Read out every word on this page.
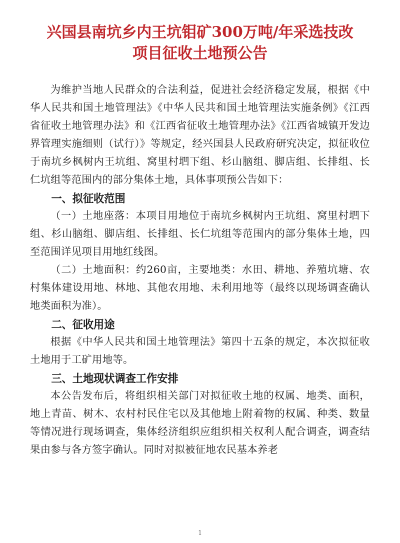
兴国县南坑乡内王坑钼矿300万吨/年采选技改
项目征收土地预公告

为维护当地人民群众的合法利益，促进社会经济稳定发展，根据《中华人民共和国土地管理法》《中华人民共和国土地管理法实施条例》《江西省征收土地管理办法》和《江西省征收土地管理办法》《江西省城镇开发边界管理实施细则（试行）》等规定，经兴国县人民政府研究决定，拟征收位于南坑乡枫树内王坑组、窝里村垇下组、杉山脑组、脚店组、长排组、长仁坑组等范围内的部分集体土地，具体事项预公告如下：

一、拟征收范围

（一）土地座落：本项目用地位于南坑乡枫树内王坑组、窝里村垇下组、杉山脑组、脚店组、长排组、长仁坑组等范围内的部分集体土地，四至范围详见项目用地红线图。

（二）土地面积：约260亩，主要地类：水田、耕地、养殖坑塘、农村集体建设用地、林地、其他农用地、未利用地等（最终以现场调查确认地类面积为准）。

二、征收用途

根据《中华人民共和国土地管理法》第四十五条的规定，本次拟征收土地用于工矿用地等。

三、土地现状调查工作安排

本公告发布后，将组织相关部门对拟征收土地的权属、地类、面积，地上青苗、树木、农村村民住宅以及其他地上附着物的权属、种类、数量等情况进行现场调查，集体经济组织应组织相关权利人配合调查，调查结果由参与各方签字确认。同时对拟被征地农民基本养老

1
